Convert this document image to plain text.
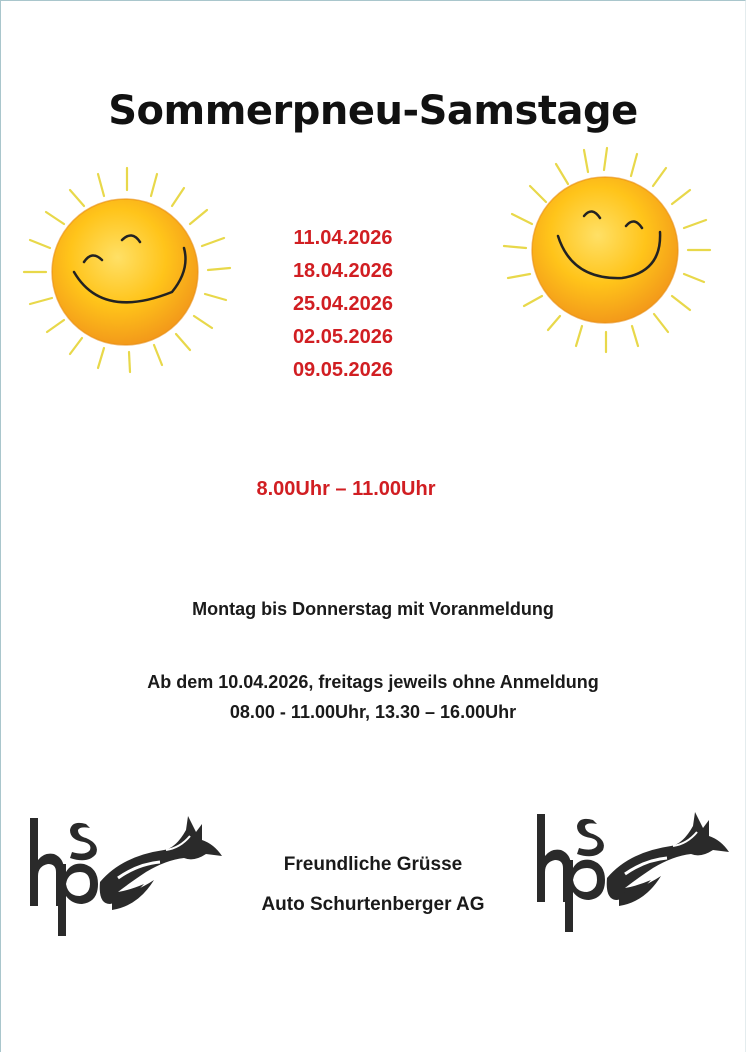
Sommerpneu-Samstage
11.04.2026
18.04.2026
25.04.2026
02.05.2026
09.05.2026
8.00Uhr – 11.00Uhr
Montag bis Donnerstag mit Voranmeldung
Ab dem 10.04.2026, freitags jeweils ohne Anmeldung
08.00 - 11.00Uhr, 13.30 – 16.00Uhr
Freundliche Grüsse
Auto Schurtenberger AG
